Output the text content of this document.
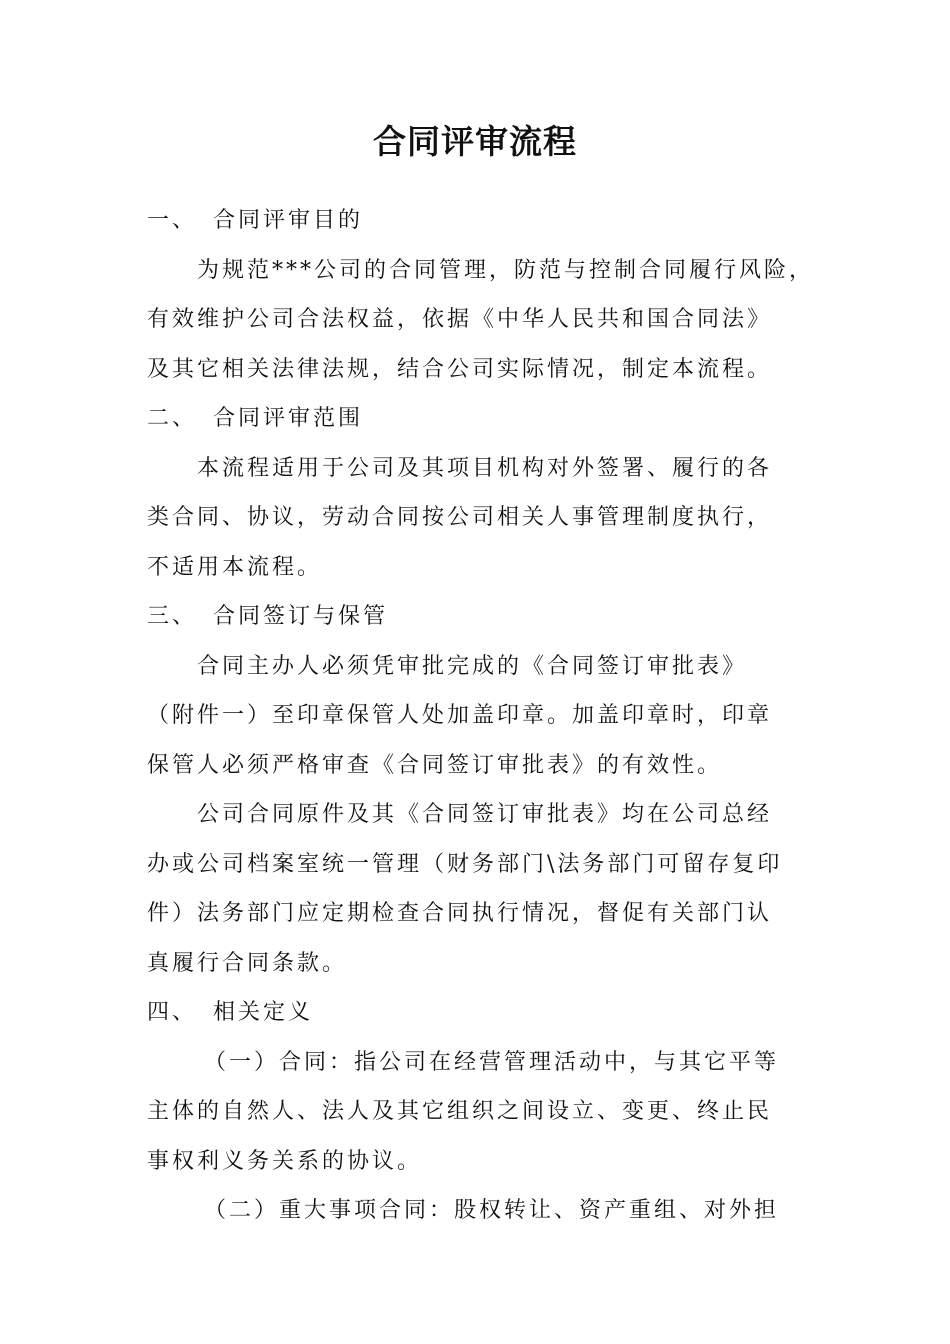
合同评审流程
一、 合同评审目的
为规范***公司的合同管理，防范与控制合同履行风险，
有效维护公司合法权益，依据《中华人民共和国合同法》
及其它相关法律法规，结合公司实际情况，制定本流程。
二、 合同评审范围
本流程适用于公司及其项目机构对外签署、履行的各
类合同、协议，劳动合同按公司相关人事管理制度执行，
不适用本流程。
三、 合同签订与保管
合同主办人必须凭审批完成的《合同签订审批表》
（附件一）至印章保管人处加盖印章。加盖印章时，印章
保管人必须严格审查《合同签订审批表》的有效性。
公司合同原件及其《合同签订审批表》均在公司总经
办或公司档案室统一管理（财务部门\法务部门可留存复印
件）法务部门应定期检查合同执行情况，督促有关部门认
真履行合同条款。
四、 相关定义
（一）合同：指公司在经营管理活动中，与其它平等
主体的自然人、法人及其它组织之间设立、变更、终止民
事权利义务关系的协议。
（二）重大事项合同：股权转让、资产重组、对外担
